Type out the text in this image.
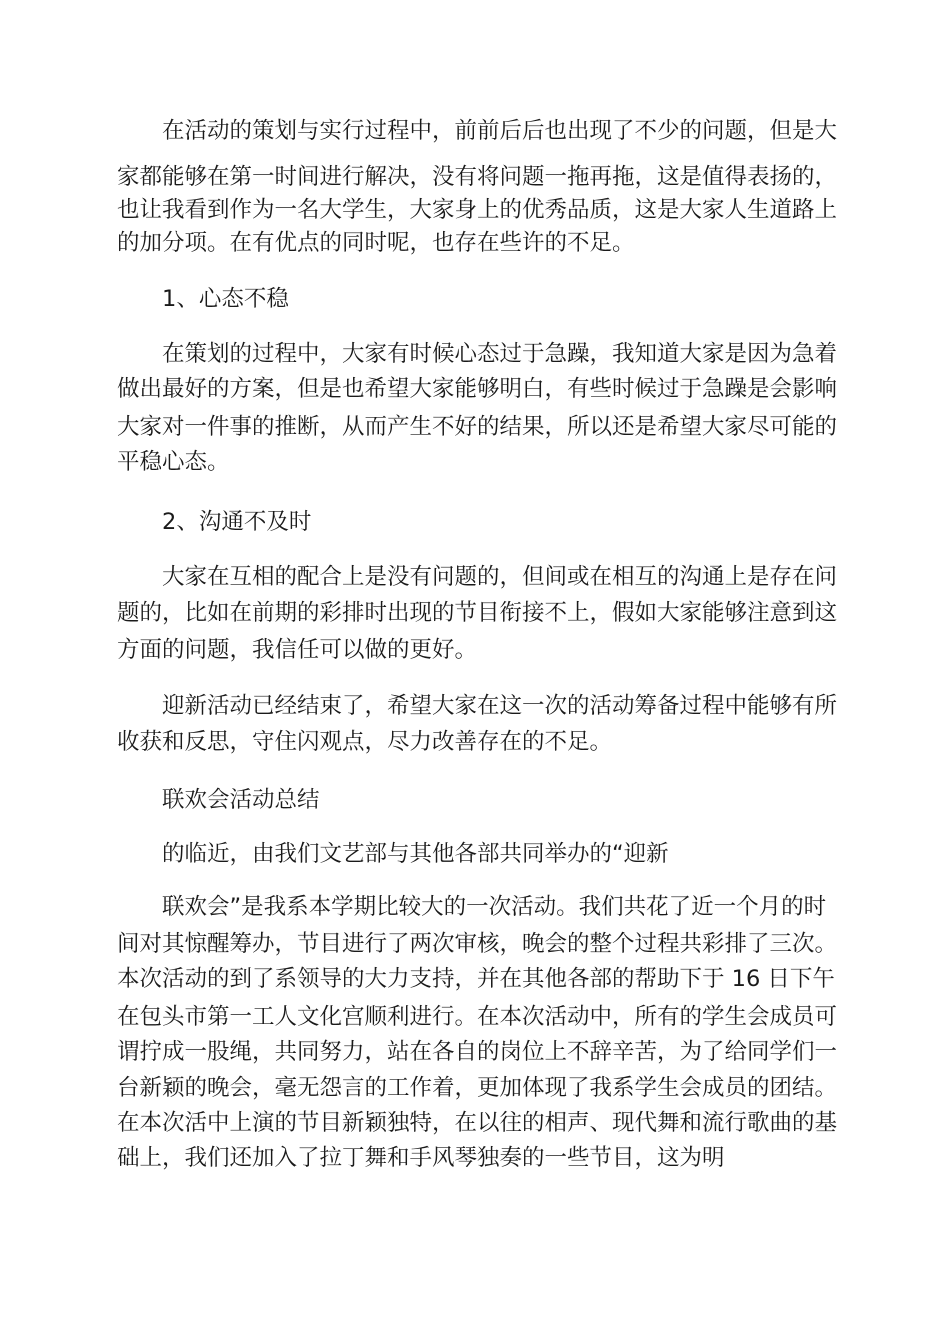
在活动的策划与实行过程中，前前后后也出现了不少的问题，但是大

家都能够在第一时间进行解决，没有将问题一拖再拖，这是值得表扬的，

也让我看到作为一名大学生，大家身上的优秀品质，这是大家人生道路上

的加分项。在有优点的同时呢，也存在些许的不足。

1、心态不稳

在策划的过程中，大家有时候心态过于急躁，我知道大家是因为急着

做出最好的方案，但是也希望大家能够明白，有些时候过于急躁是会影响

大家对一件事的推断，从而产生不好的结果，所以还是希望大家尽可能的

平稳心态。

2、沟通不及时

大家在互相的配合上是没有问题的，但间或在相互的沟通上是存在问

题的，比如在前期的彩排时出现的节目衔接不上，假如大家能够注意到这

方面的问题，我信任可以做的更好。

迎新活动已经结束了，希望大家在这一次的活动筹备过程中能够有所

收获和反思，守住闪观点，尽力改善存在的不足。

联欢会活动总结

的临近，由我们文艺部与其他各部共同举办的“迎新

联欢会”是我系本学期比较大的一次活动。我们共花了近一个月的时

间对其惊醒筹办，节目进行了两次审核，晚会的整个过程共彩排了三次。

本次活动的到了系领导的大力支持，并在其他各部的帮助下于 16 日下午

在包头市第一工人文化宫顺利进行。在本次活动中，所有的学生会成员可

谓拧成一股绳，共同努力，站在各自的岗位上不辞辛苦，为了给同学们一

台新颖的晚会，毫无怨言的工作着，更加体现了我系学生会成员的团结。

在本次活中上演的节目新颖独特，在以往的相声、现代舞和流行歌曲的基

础上，我们还加入了拉丁舞和手风琴独奏的一些节目，这为明
